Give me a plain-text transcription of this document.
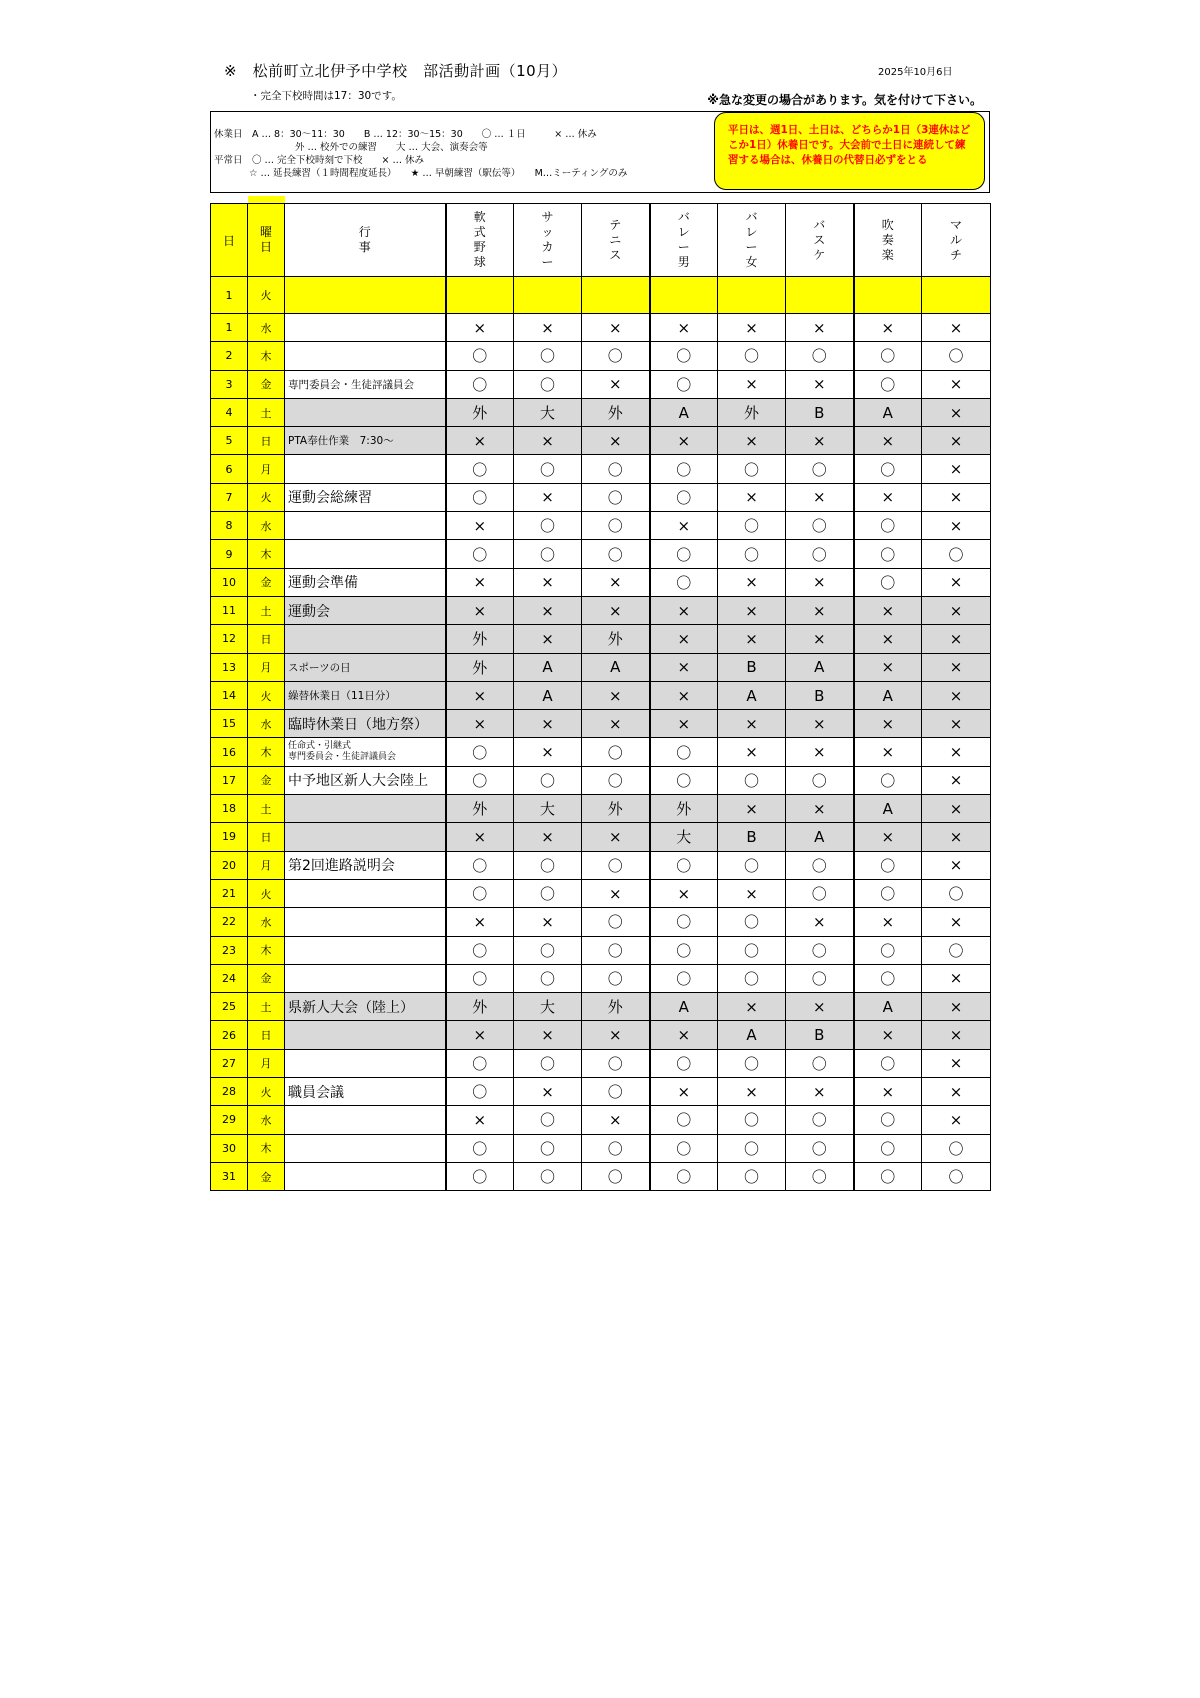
※　松前町立北伊予中学校　部活動計画（10月）	2025年10月6日
・完全下校時間は17：30です。	※急な変更の場合があります。気を付けて下さい。
休業日　A … 8：30～11：30　　B … 12：30～15：30　　〇 … １日　　　× … 休み
外 … 校外での練習　　大 … 大会、演奏会等
平常日　〇 … 完全下校時刻で下校　　× … 休み
☆ … 延長練習（１時間程度延長）　　★ … 早朝練習（駅伝等）　　M…ミーティングのみ
平日は、週1日、土日は、どちらか1日（3連休はどこか1日）休養日です。大会前で土日に連続して練習する場合は、休養日の代替日必ずをとる
日	曜日	行事	軟式野球	サッカー	テニス	バレー男	バレー女	バスケ	吹奏楽	マルチ
1	火									
1	水		×	×	×	×	×	×	×	×
2	木		〇	〇	〇	〇	〇	〇	〇	〇
3	金	専門委員会・生徒評議員会	〇	〇	×	〇	×	×	〇	×
4	土		外	大	外	A	外	B	A	×
5	日	PTA奉仕作業　7:30～	×	×	×	×	×	×	×	×
6	月		〇	〇	〇	〇	〇	〇	〇	×
7	火	運動会総練習	〇	×	〇	〇	×	×	×	×
8	水		×	〇	〇	×	〇	〇	〇	×
9	木		〇	〇	〇	〇	〇	〇	〇	〇
10	金	運動会準備	×	×	×	〇	×	×	〇	×
11	土	運動会	×	×	×	×	×	×	×	×
12	日		外	×	外	×	×	×	×	×
13	月	スポーツの日	外	A	A	×	B	A	×	×
14	火	繰替休業日（11日分）	×	A	×	×	A	B	A	×
15	水	臨時休業日（地方祭）	×	×	×	×	×	×	×	×
16	木	任命式・引継式
専門委員会・生徒評議員会	〇	×	〇	〇	×	×	×	×
17	金	中予地区新人大会陸上	〇	〇	〇	〇	〇	〇	〇	×
18	土		外	大	外	外	×	×	A	×
19	日		×	×	×	大	B	A	×	×
20	月	第2回進路説明会	〇	〇	〇	〇	〇	〇	〇	×
21	火		〇	〇	×	×	×	〇	〇	〇
22	水		×	×	〇	〇	〇	×	×	×
23	木		〇	〇	〇	〇	〇	〇	〇	〇
24	金		〇	〇	〇	〇	〇	〇	〇	×
25	土	県新人大会（陸上）	外	大	外	A	×	×	A	×
26	日		×	×	×	×	A	B	×	×
27	月		〇	〇	〇	〇	〇	〇	〇	×
28	火	職員会議	〇	×	〇	×	×	×	×	×
29	水		×	〇	×	〇	〇	〇	〇	×
30	木		〇	〇	〇	〇	〇	〇	〇	〇
31	金		〇	〇	〇	〇	〇	〇	〇	〇
